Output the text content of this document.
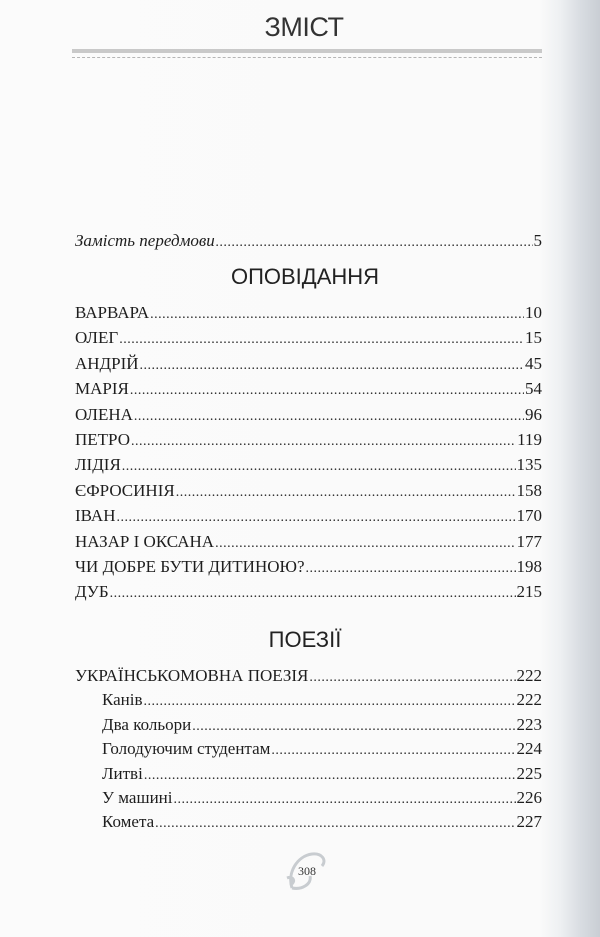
ЗМІСТ
Замість передмови .....	5
ОПОВІДАННЯ
ВАРВАРА .....	10
ОЛЕГ .....	15
АНДРІЙ .....	45
МАРІЯ .....	54
ОЛЕНА .....	96
ПЕТРО .....	119
ЛІДІЯ .....	135
ЄФРОСИНІЯ .....	158
ІВАН .....	170
НАЗАР І ОКСАНА .....	177
ЧИ ДОБРЕ БУТИ ДИТИНОЮ? .....	198
ДУБ .....	215
ПОЕЗІЇ
УКРАЇНСЬКОМОВНА ПОЕЗІЯ .....	222
Канів .....	222
Два кольори .....	223
Голодуючим студентам .....	224
Литві .....	225
У машині .....	226
Комета .....	227
308
